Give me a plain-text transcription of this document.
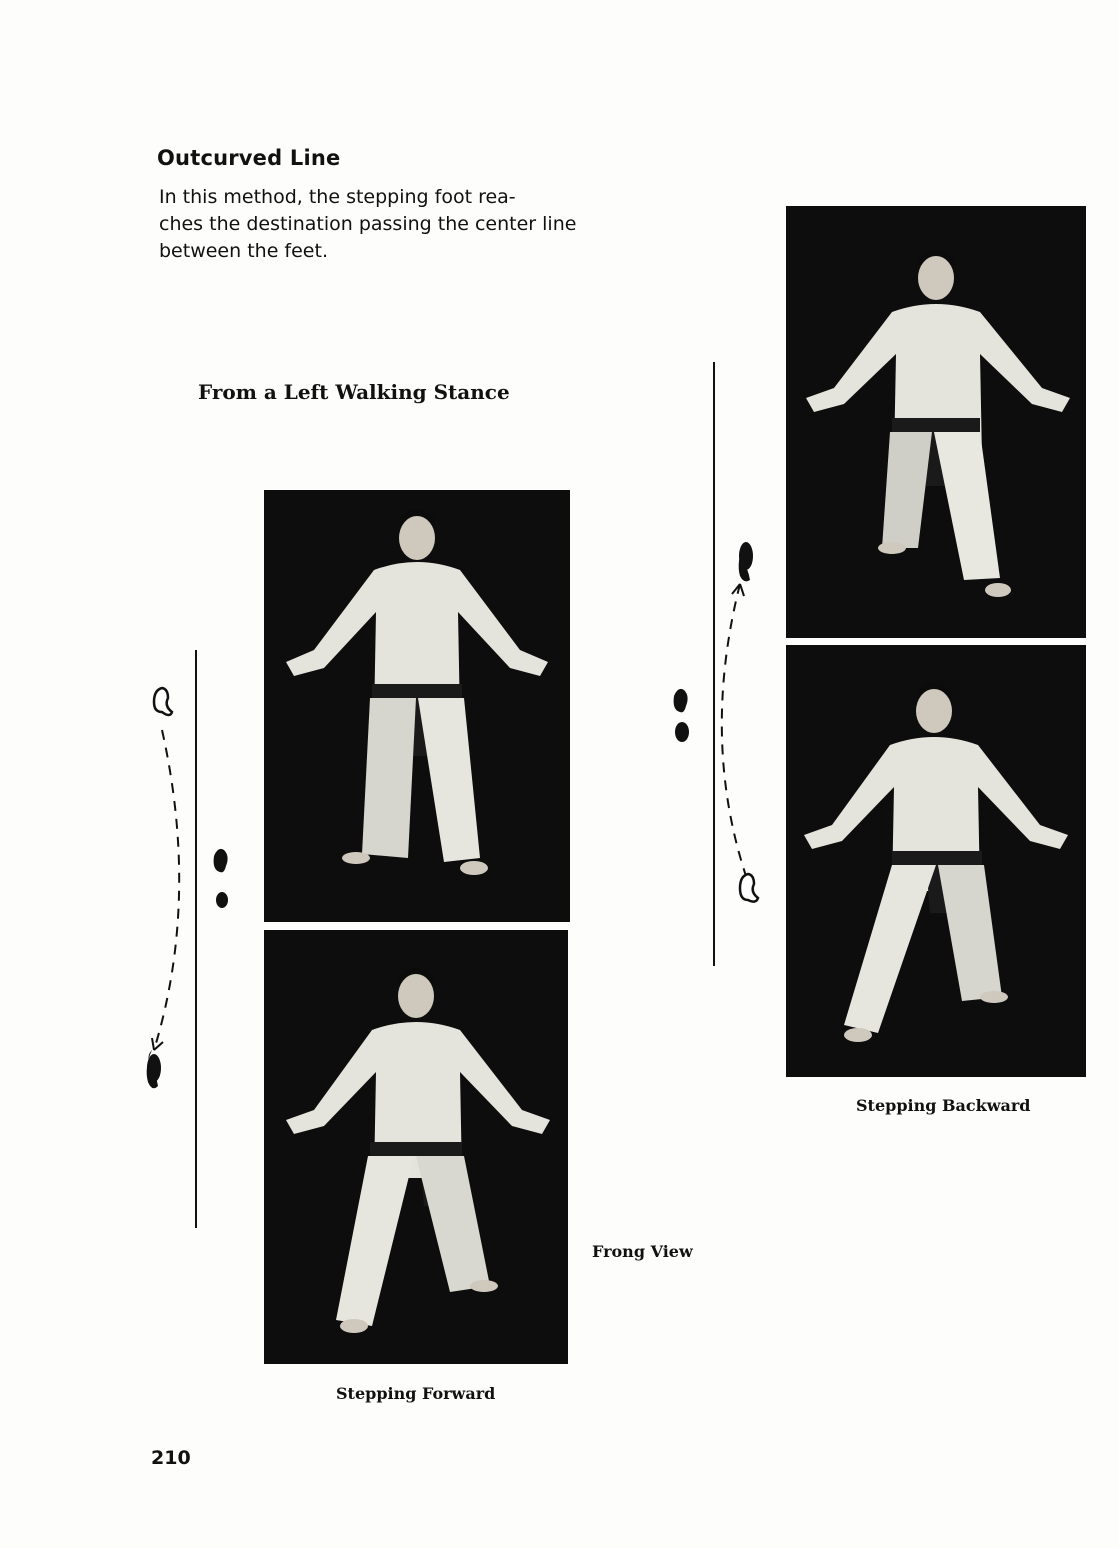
Outcurved Line

In this method, the stepping foot rea-
ches the destination passing the center line
between the feet.

From a Left Walking Stance
Stepping Forward
Frong View
Stepping Backward
210
